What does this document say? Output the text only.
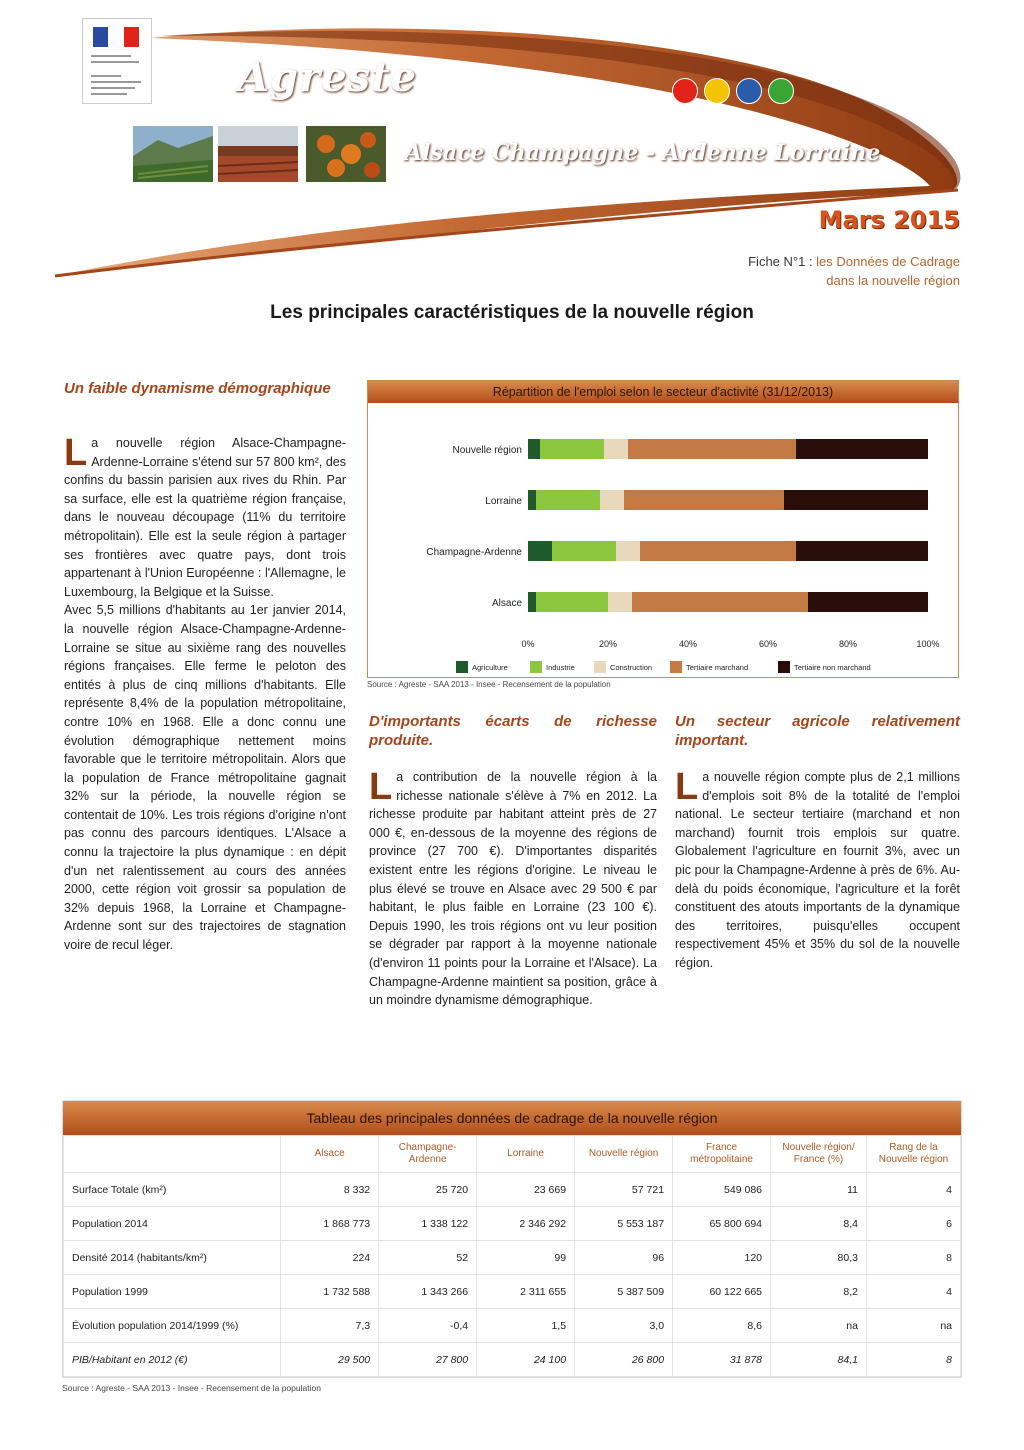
Agreste
Alsace Champagne - Ardenne Lorraine
Mars 2015
Fiche N°1 : les Données de Cadrage
dans la nouvelle région
Les principales caractéristiques de la nouvelle région
Un faible dynamisme démographique
La nouvelle région Alsace-Champagne-Ardenne-Lorraine s'étend sur 57 800 km², des confins du bassin parisien aux rives du Rhin. Par sa surface, elle est la quatrième région française, dans le nouveau découpage (11% du territoire métropolitain). Elle est la seule région à partager ses frontières avec quatre pays, dont trois appartenant à l'Union Européenne : l'Allemagne, le Luxembourg, la Belgique et la Suisse.
Avec 5,5 millions d'habitants au 1er janvier 2014, la nouvelle région Alsace-Champagne-Ardenne-Lorraine se situe au sixième rang des nouvelles régions françaises. Elle ferme le peloton des entités à plus de cinq millions d'habitants. Elle représente 8,4% de la population métropolitaine, contre 10% en 1968. Elle a donc connu une évolution démographique nettement moins favorable que le territoire métropolitain. Alors que la population de France métropolitaine gagnait 32% sur la période, la nouvelle région se contentait de 10%. Les trois régions d'origine n'ont pas connu des parcours identiques. L'Alsace a connu la trajectoire la plus dynamique : en dépit d'un net ralentissement au cours des années 2000, cette région voit grossir sa population de 32% depuis 1968, la Lorraine et Champagne-Ardenne sont sur des trajectoires de stagnation voire de recul léger.
Répartition de l'emploi selon le secteur d'activité (31/12/2013)
Nouvelle région
Lorraine
Champagne-Ardenne
Alsace
0%	20%	40%	60%	80%	100%
Agriculture	Industrie	Construction	Tertiaire marchand	Tertiaire non marchand
Source : Agreste - SAA 2013 - Insee - Recensement de la population
D'importants écarts de richesse produite.
La contribution de la nouvelle région à la richesse nationale s'élève à 7% en 2012. La richesse produite par habitant atteint près de 27 000 €, en-dessous de la moyenne des régions de province (27 700 €). D'importantes disparités existent entre les régions d'origine. Le niveau le plus élevé se trouve en Alsace avec 29 500 € par habitant, le plus faible en Lorraine (23 100 €). Depuis 1990, les trois régions ont vu leur position se dégrader par rapport à la moyenne nationale (d'environ 11 points pour la Lorraine et l'Alsace). La Champagne-Ardenne maintient sa position, grâce à un moindre dynamisme démographique.
Un secteur agricole relativement important.
La nouvelle région compte plus de 2,1 millions d'emplois soit 8% de la totalité de l'emploi national. Le secteur tertiaire (marchand et non marchand) fournit trois emplois sur quatre. Globalement l'agriculture en fournit 3%, avec un pic pour la Champagne-Ardenne à près de 6%. Au-delà du poids économique, l'agriculture et la forêt constituent des atouts importants de la dynamique des territoires, puisqu'elles occupent respectivement 45% et 35% du sol de la nouvelle région.
Tableau des principales données de cadrage de la nouvelle région
	Alsace	Champagne-Ardenne	Lorraine	Nouvelle région	France métropolitaine	Nouvelle région/ France (%)	Rang de la Nouvelle région
Surface Totale (km²)	8 332	25 720	23 669	57 721	549 086	11	4
Population 2014	1 868 773	1 338 122	2 346 292	5 553 187	65 800 694	8,4	6
Densité 2014 (habitants/km²)	224	52	99	96	120	80,3	8
Population 1999	1 732 588	1 343 266	2 311 655	5 387 509	60 122 665	8,2	4
Évolution population 2014/1999 (%)	7,3	-0,4	1,5	3,0	8,6	na	na
PIB/Habitant en 2012 (€)	29 500	27 800	24 100	26 800	31 878	84,1	8
Source : Agreste - SAA 2013 - Insee - Recensement de la population
